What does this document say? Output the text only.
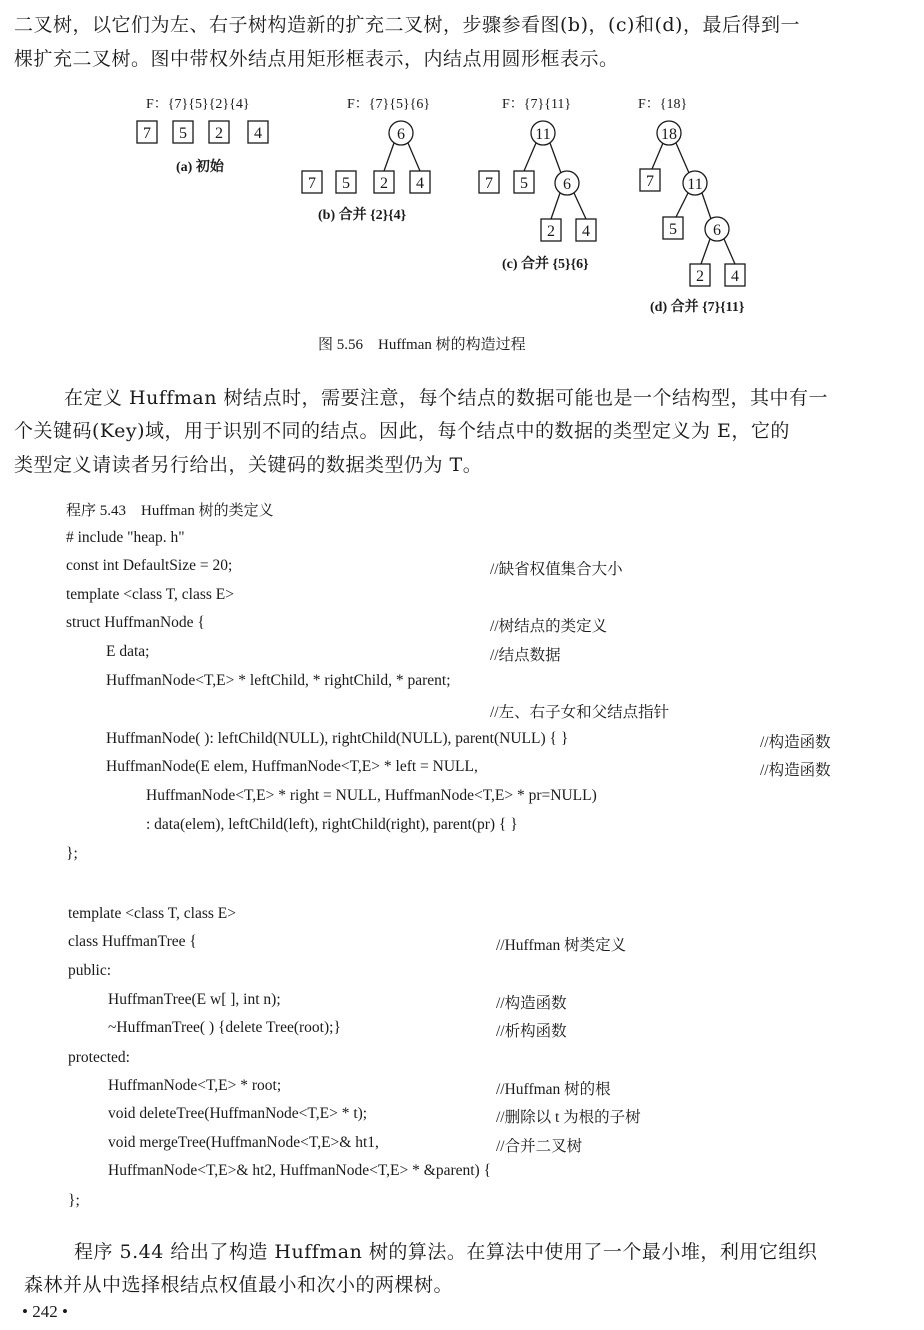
二叉树，以它们为左、右子树构造新的扩充二叉树，步骤参看图(b)，(c)和(d)，最后得到一
棵扩充二叉树。图中带权外结点用矩形框表示，内结点用圆形框表示。
F：{7}{5}{2}{4}
(a) 初始
F：{7}{5}{6}
(b) 合并 {2}{4}
F：{7}{11}
(c) 合并 {5}{6}
F：{18}
(d) 合并 {7}{11}
7 5 2 4	6
7 5 2 4
11
6
7 5
2 4
18
11
6
7
5
2 4
图 5.56　Huffman 树的构造过程
在定义 Huffman 树结点时，需要注意，每个结点的数据可能也是一个结构型，其中有一
个关键码(Key)域，用于识别不同的结点。因此，每个结点中的数据的类型定义为 E，它的
类型定义请读者另行给出，关键码的数据类型仍为 T。
程序 5.43　Huffman 树的类定义
# include "heap. h"
const int DefaultSize = 20;	//缺省权值集合大小
template <class T, class E>
struct HuffmanNode {	//树结点的类定义
E data;	//结点数据
HuffmanNode<T,E> * leftChild, * rightChild, * parent;
//左、右子女和父结点指针
HuffmanNode( ): leftChild(NULL), rightChild(NULL), parent(NULL) { }	//构造函数
HuffmanNode(E elem, HuffmanNode<T,E> * left = NULL,	//构造函数
HuffmanNode<T,E> * right = NULL, HuffmanNode<T,E> * pr=NULL)
: data(elem), leftChild(left), rightChild(right), parent(pr) { }
};
template <class T, class E>
class HuffmanTree {	//Huffman 树类定义
public:
HuffmanTree(E w[ ], int n);	//构造函数
~HuffmanTree( ) {delete Tree(root);}	//析构函数
protected:
HuffmanNode<T,E> * root;	//Huffman 树的根
void deleteTree(HuffmanNode<T,E> * t);	//删除以 t 为根的子树
void mergeTree(HuffmanNode<T,E>& ht1,	//合并二叉树
HuffmanNode<T,E>& ht2, HuffmanNode<T,E> * &parent) {
};
程序 5.44 给出了构造 Huffman 树的算法。在算法中使用了一个最小堆，利用它组织
森林并从中选择根结点权值最小和次小的两棵树。
• 242 •
